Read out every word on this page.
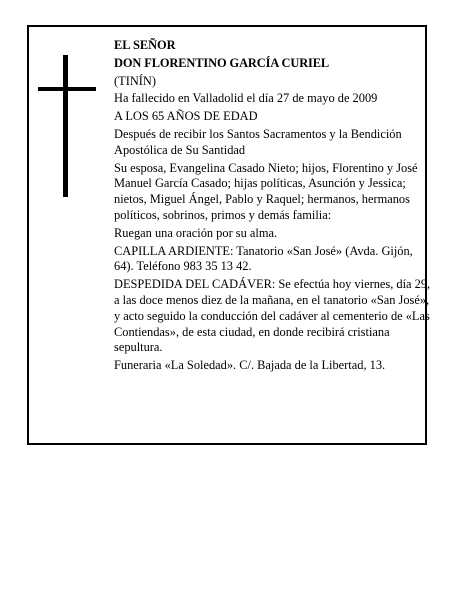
EL SEÑOR

DON FLORENTINO GARCÍA CURIEL

(TINÍN)

Ha fallecido en Valladolid el día 27 de mayo de 2009

A LOS 65 AÑOS DE EDAD

Después de recibir los Santos Sacramentos y la Bendición Apostólica de Su Santidad

Su esposa, Evangelina Casado Nieto; hijos, Florentino y José Manuel García Casado; hijas políticas, Asunción y Jessica; nietos, Miguel Ángel, Pablo y Raquel; hermanos, hermanos políticos, sobrinos, primos y demás familia:

Ruegan una oración por su alma.

CAPILLA ARDIENTE: Tanatorio «San José» (Avda. Gijón, 64). Teléfono 983 35 13 42.

DESPEDIDA DEL CADÁVER: Se efectúa hoy viernes, día 29, a las doce menos diez de la mañana, en el tanatorio «San José», y acto seguido la conducción del cadáver al cementerio de «Las Contiendas», de esta ciudad, en donde recibirá cristiana sepultura.

Funeraria «La Soledad». C/. Bajada de la Libertad, 13.
